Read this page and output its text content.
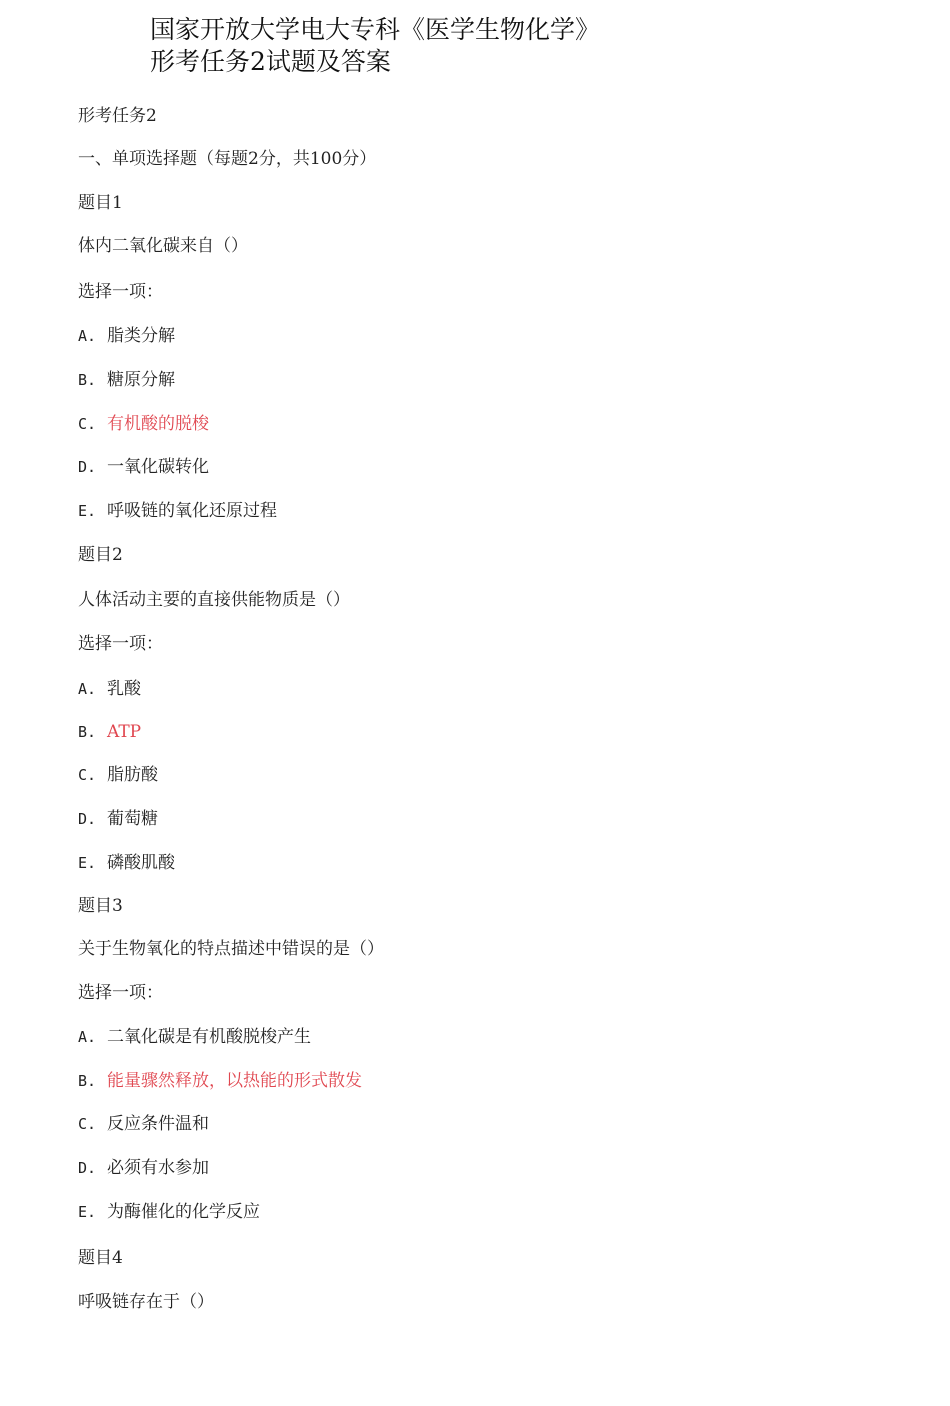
国家开放大学电大专科《医学生物化学》
形考任务2试题及答案
形考任务2
一、单项选择题（每题2分，共100分）
题目1
体内二氧化碳来自（）
选择一项：
A. 脂类分解
B. 糖原分解
C. 有机酸的脱梭
D. 一氧化碳转化
E. 呼吸链的氧化还原过程
题目2
人体活动主要的直接供能物质是（）
选择一项：
A. 乳酸
B. ATP
C. 脂肪酸
D. 葡萄糖
E. 磷酸肌酸
题目3
关于生物氧化的特点描述中错误的是（）
选择一项：
A. 二氧化碳是有机酸脱梭产生
B. 能量骤然释放，以热能的形式散发
C. 反应条件温和
D. 必须有水参加
E. 为酶催化的化学反应
题目4
呼吸链存在于（）
